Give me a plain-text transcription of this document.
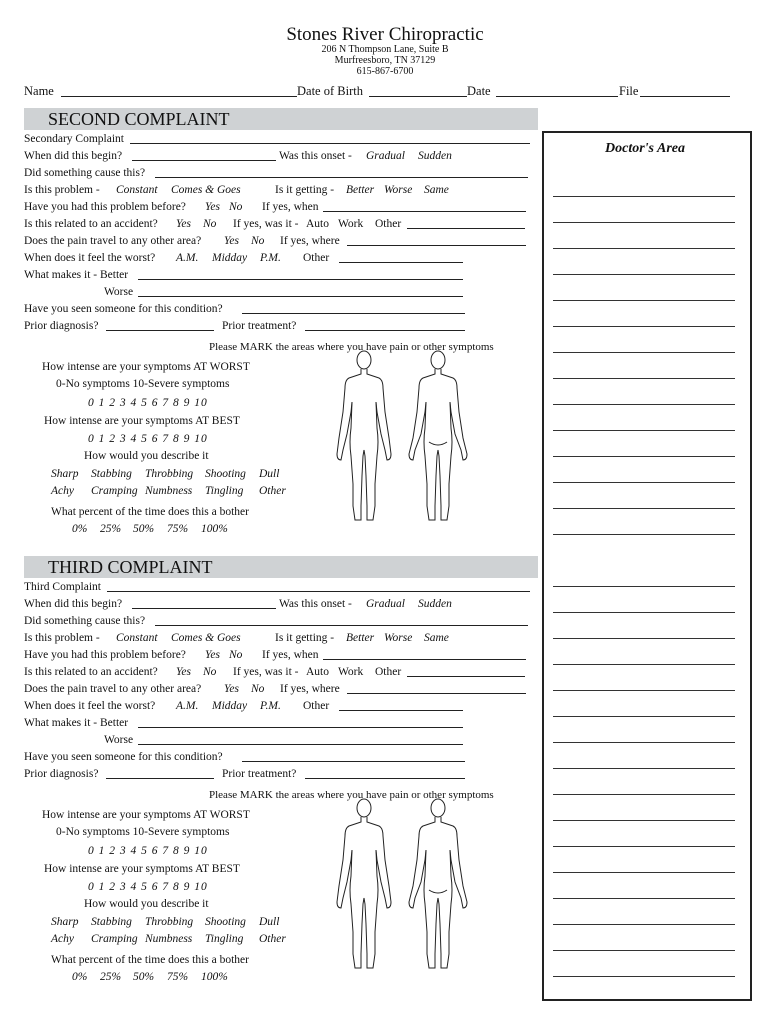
Stones River Chiropractic
206 N Thompson Lane, Suite B
Murfreesboro, TN 37129
615-867-6700
Name	Date of Birth	Date	File
Doctor's Area
SECOND COMPLAINT
Secondary Complaint
When did this begin?	Was this onset - Gradual Sudden
Did something cause this?
Is this problem - Constant Comes & Goes	Is it getting - Better Worse Same
Have you had this problem before? Yes No If yes, when
Is this related to an accident? Yes No If yes, was it - Auto Work Other
Does the pain travel to any other area? Yes No If yes, where
When does it feel the worst? A.M. Midday P.M. Other
What makes it - Better
Worse
Have you seen someone for this condition?
Prior diagnosis?	Prior treatment?
Please MARK the areas where you have pain or other symptoms
How intense are your symptoms AT WORST
0-No symptoms 10-Severe symptoms
0 1 2 3 4 5 6 7 8 9 10
How intense are your symptoms AT BEST
0 1 2 3 4 5 6 7 8 9 10
How would you describe it
Sharp Stabbing Throbbing Shooting Dull
Achy Cramping Numbness Tingling Other
What percent of the time does this a bother
0% 25% 50% 75% 100%
THIRD COMPLAINT
Third Complaint
When did this begin?	Was this onset - Gradual Sudden
Did something cause this?
Is this problem - Constant Comes & Goes	Is it getting - Better Worse Same
Have you had this problem before? Yes No If yes, when
Is this related to an accident? Yes No If yes, was it - Auto Work Other
Does the pain travel to any other area? Yes No If yes, where
When does it feel the worst? A.M. Midday P.M. Other
What makes it - Better
Worse
Have you seen someone for this condition?
Prior diagnosis?	Prior treatment?
Please MARK the areas where you have pain or other symptoms
How intense are your symptoms AT WORST
0-No symptoms 10-Severe symptoms
0 1 2 3 4 5 6 7 8 9 10
How intense are your symptoms AT BEST
0 1 2 3 4 5 6 7 8 9 10
How would you describe it
Sharp Stabbing Throbbing Shooting Dull
Achy Cramping Numbness Tingling Other
What percent of the time does this a bother
0% 25% 50% 75% 100%
